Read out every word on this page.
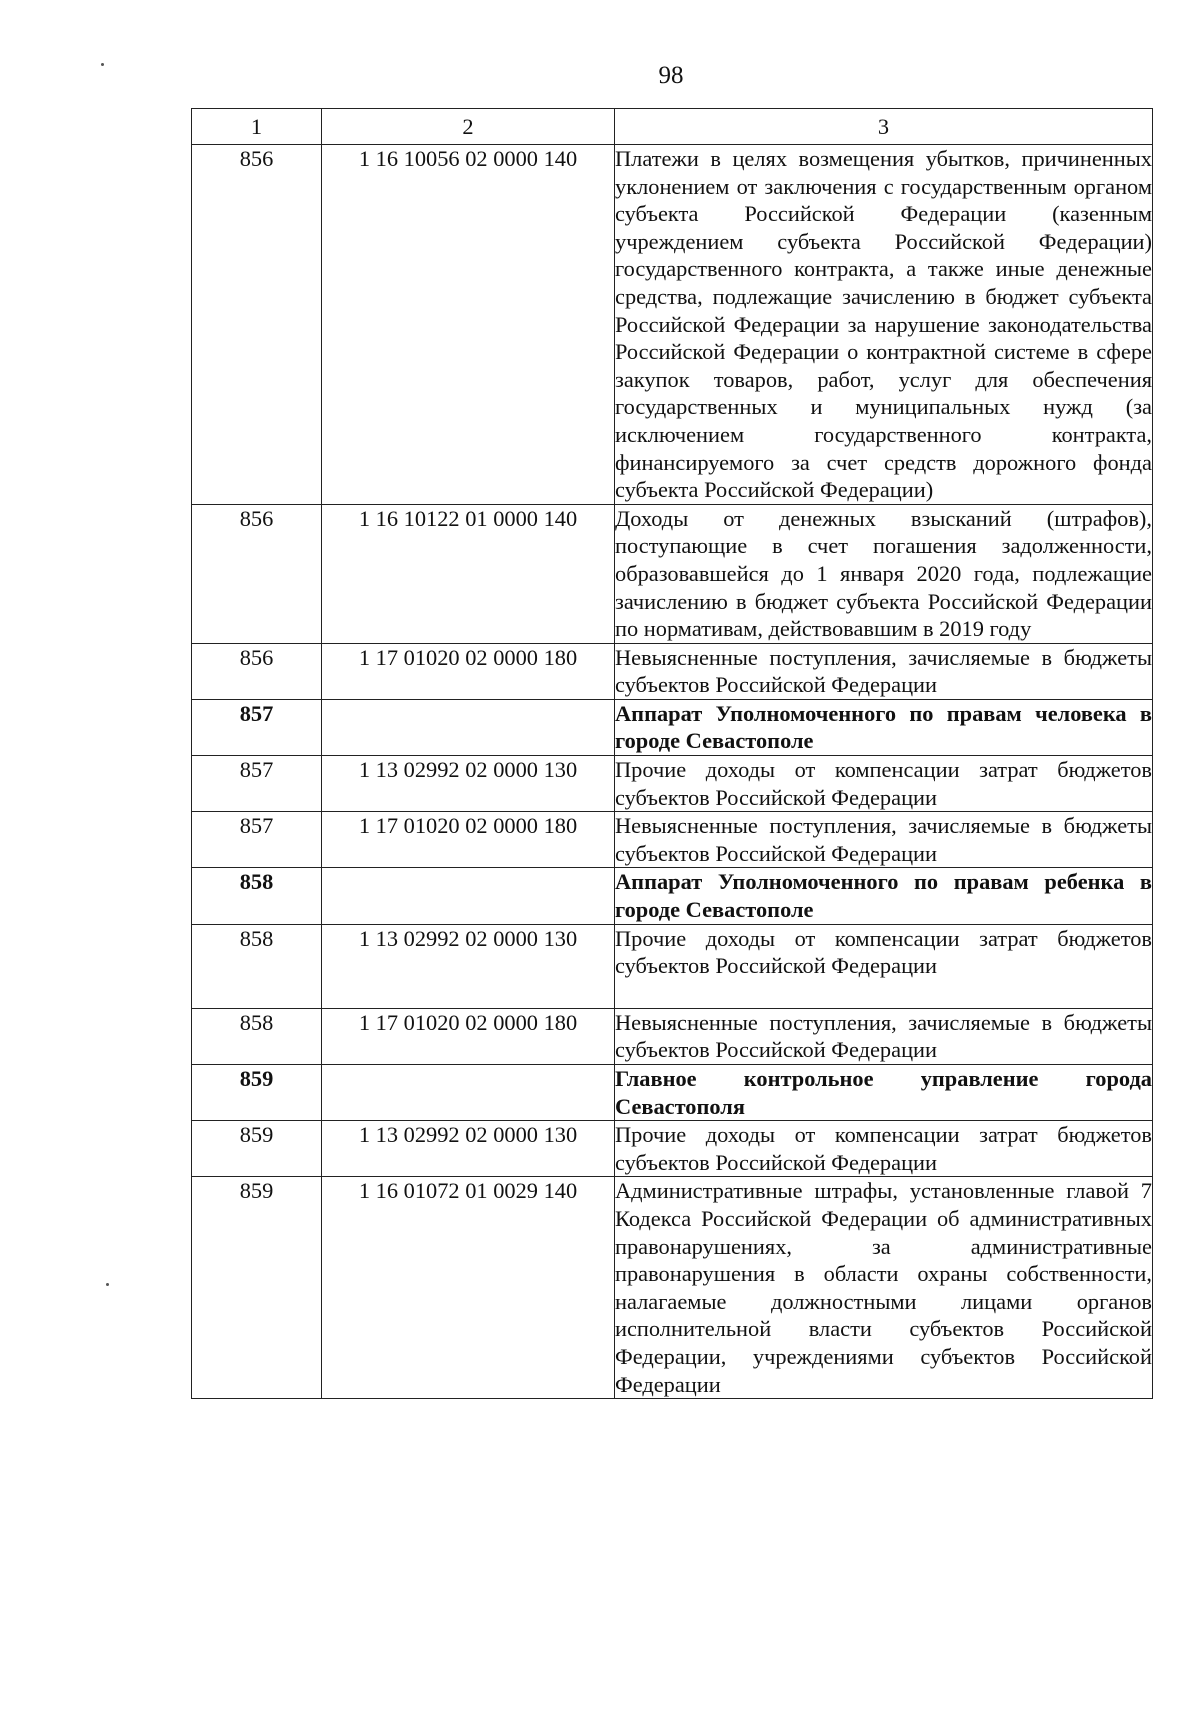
98
1	2	3
856	1 16 10056 02 0000 140	Платежи в целях возмещения убытков, причиненных уклонением от заключения с государственным органом субъекта Российской Федерации (казенным учреждением субъекта Российской Федерации) государственного контракта, а также иные денежные средства, подлежащие зачислению в бюджет субъекта Российской Федерации за нарушение законодательства Российской Федерации о контрактной системе в сфере закупок товаров, работ, услуг для обеспечения государственных и муниципальных нужд (за исключением государственного контракта, финансируемого за счет средств дорожного фонда субъекта Российской Федерации)
856	1 16 10122 01 0000 140	Доходы от денежных взысканий (штрафов), поступающие в счет погашения задолженности, образовавшейся до 1 января 2020 года, подлежащие зачислению в бюджет субъекта Российской Федерации по нормативам, действовавшим в 2019 году
856	1 17 01020 02 0000 180	Невыясненные поступления, зачисляемые в бюджеты субъектов Российской Федерации
857		Аппарат Уполномоченного по правам человека в городе Севастополе
857	1 13 02992 02 0000 130	Прочие доходы от компенсации затрат бюджетов субъектов Российской Федерации
857	1 17 01020 02 0000 180	Невыясненные поступления, зачисляемые в бюджеты субъектов Российской Федерации
858		Аппарат Уполномоченного по правам ребенка в городе Севастополе
858	1 13 02992 02 0000 130	Прочие доходы от компенсации затрат бюджетов субъектов Российской Федерации
858	1 17 01020 02 0000 180	Невыясненные поступления, зачисляемые в бюджеты субъектов Российской Федерации
859		Главное контрольное управление города Севастополя
859	1 13 02992 02 0000 130	Прочие доходы от компенсации затрат бюджетов субъектов Российской Федерации
859	1 16 01072 01 0029 140	Административные штрафы, установленные главой 7 Кодекса Российской Федерации об административных правонарушениях, за административные правонарушения в области охраны собственности, налагаемые должностными лицами органов исполнительной власти субъектов Российской Федерации, учреждениями субъектов Российской Федерации
